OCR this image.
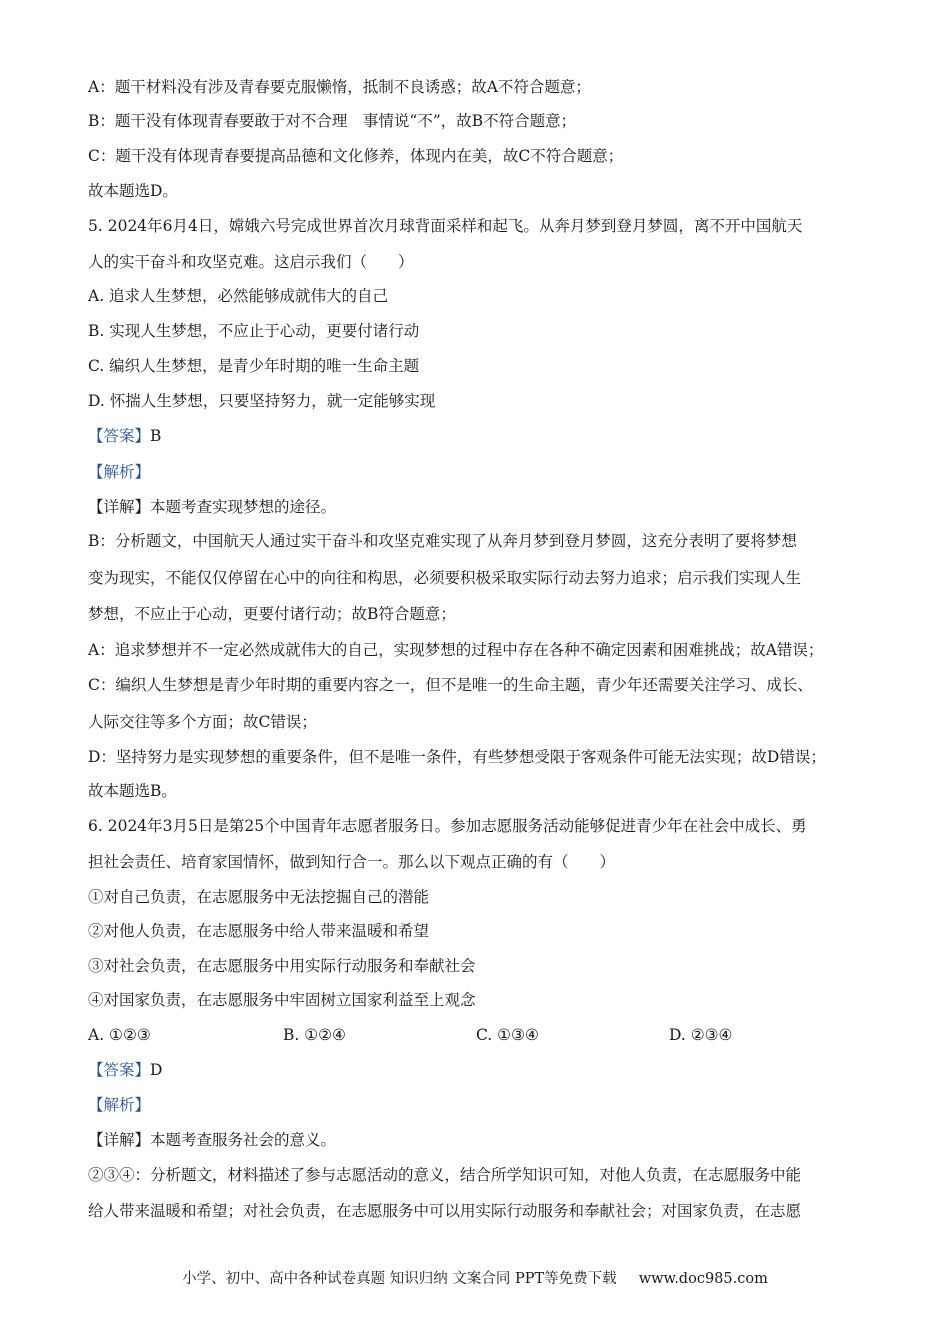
A：题干材料没有涉及青春要克服懒惰，抵制不良诱惑；故A不符合题意；
B：题干没有体现青春要敢于对不合理　事情说“不”，故B不符合题意；
C：题干没有体现青春要提高品德和文化修养，体现内在美，故C不符合题意；
故本题选D。
5. 2024年6月4日，嫦娥六号完成世界首次月球背面采样和起飞。从奔月梦到登月梦圆，离不开中国航天
人的实干奋斗和攻坚克难。这启示我们（　　）
A. 追求人生梦想，必然能够成就伟大的自己
B. 实现人生梦想，不应止于心动，更要付诸行动
C. 编织人生梦想，是青少年时期的唯一生命主题
D. 怀揣人生梦想，只要坚持努力，就一定能够实现
【答案】B
【解析】
【详解】本题考查实现梦想的途径。
B：分析题文，中国航天人通过实干奋斗和攻坚克难实现了从奔月梦到登月梦圆，这充分表明了要将梦想
变为现实，不能仅仅停留在心中的向往和构思，必须要积极采取实际行动去努力追求；启示我们实现人生
梦想，不应止于心动，更要付诸行动；故B符合题意；
A：追求梦想并不一定必然成就伟大的自己，实现梦想的过程中存在各种不确定因素和困难挑战；故A错误；
C：编织人生梦想是青少年时期的重要内容之一，但不是唯一的生命主题，青少年还需要关注学习、成长、
人际交往等多个方面；故C错误；
D：坚持努力是实现梦想的重要条件，但不是唯一条件，有些梦想受限于客观条件可能无法实现；故D错误；
故本题选B。
6. 2024年3月5日是第25个中国青年志愿者服务日。参加志愿服务活动能够促进青少年在社会中成长、勇
担社会责任、培育家国情怀，做到知行合一。那么以下观点正确的有（　　）
①对自己负责，在志愿服务中无法挖掘自己的潜能
②对他人负责，在志愿服务中给人带来温暖和希望
③对社会负责，在志愿服务中用实际行动服务和奉献社会
④对国家负责，在志愿服务中牢固树立国家利益至上观念
A. ①②③	B. ①②④	C. ①③④	D. ②③④
【答案】D
【解析】
【详解】本题考查服务社会的意义。
②③④：分析题文，材料描述了参与志愿活动的意义，结合所学知识可知，对他人负责，在志愿服务中能
给人带来温暖和希望；对社会负责，在志愿服务中可以用实际行动服务和奉献社会；对国家负责，在志愿
小学、初中、高中各种试卷真题 知识归纳 文案合同 PPT等免费下载 www.doc985.com
